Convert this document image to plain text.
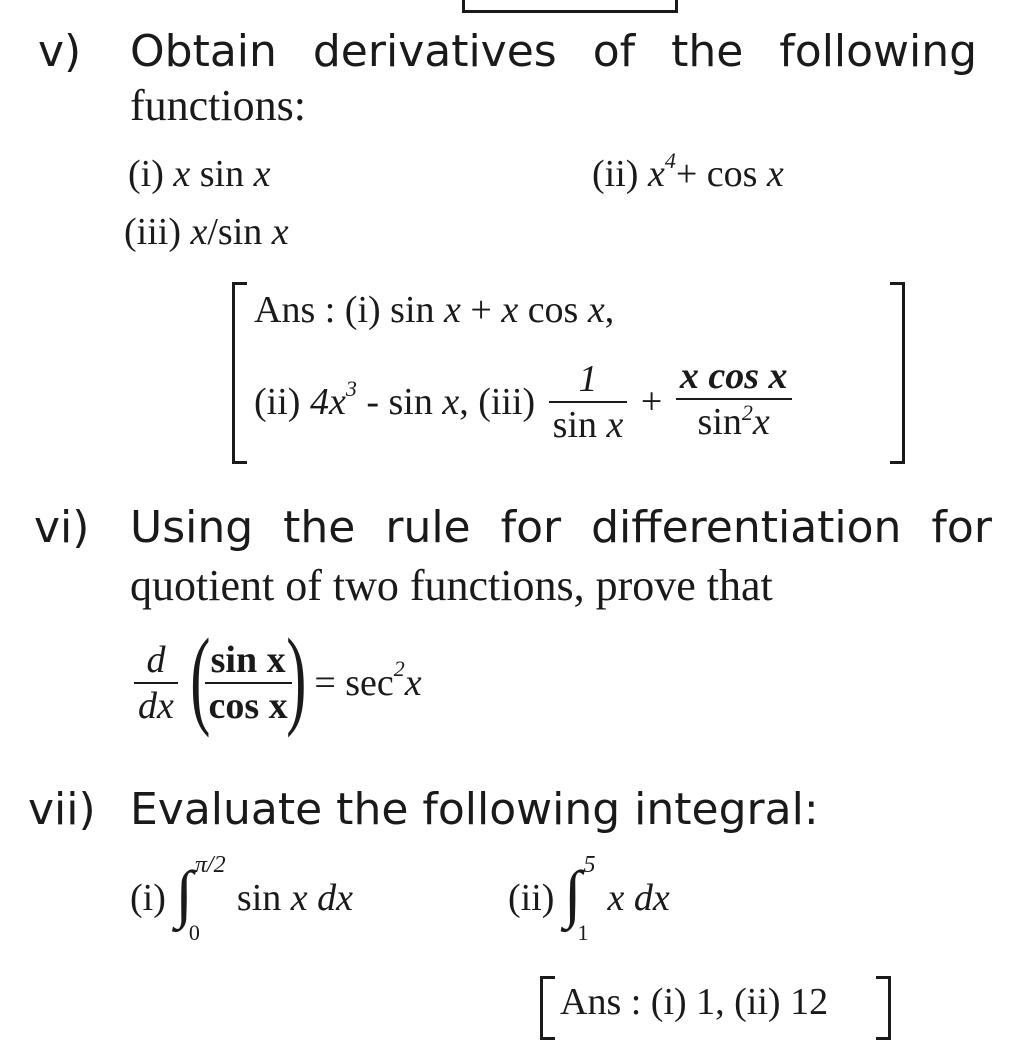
v) Obtain derivatives of the following
functions:
(i) x sin x	(ii) $x^4+ \cos x$
(iii) x/sin x
Ans : (i) sin x + x cos x,
(ii) $4x^3$ - sin x, $(iii) \frac{1}{\text{sin x}} + \frac{\text{x cos x}}{\sin^2x}$
vi) Using the rule for differentiation for
quotient of two functions, prove that
$\frac{d}{dx}$ (
$\frac{\text{sin x}}{\text{cos x}}$
) = $\sec^2x$
vii) Evaluate the following integral:
(i) ∫ π/2
0
sin x dx	(ii) ∫ 5
1
x dx
Ans : (i) 1, (ii) 12
